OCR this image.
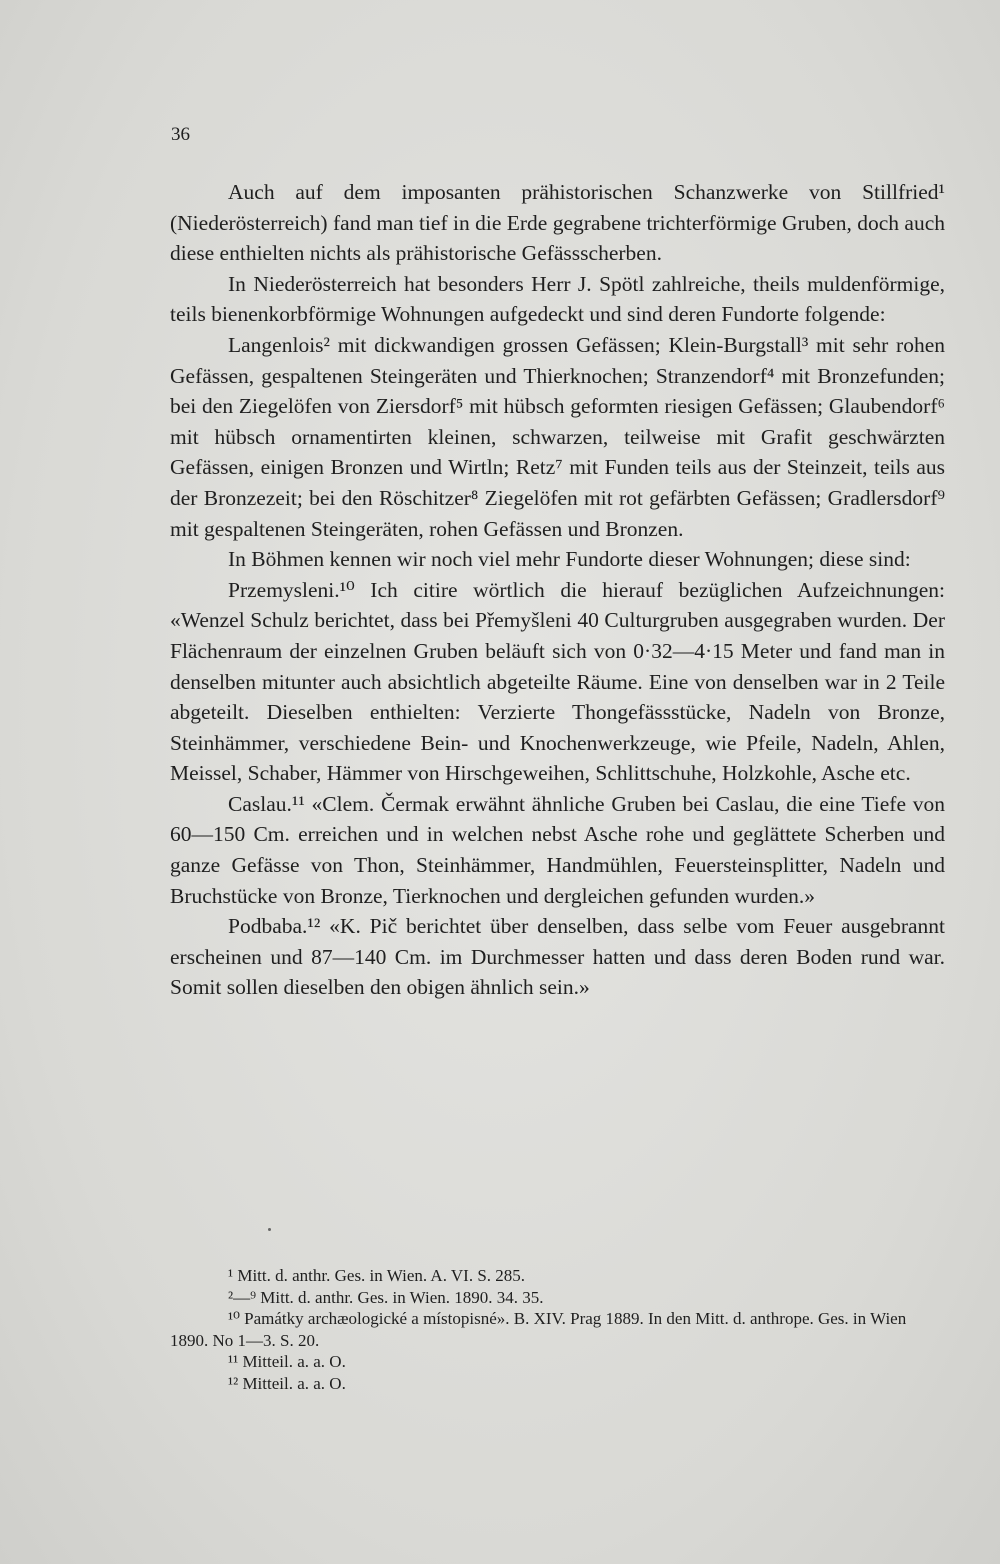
36

Auch auf dem imposanten prähistorischen Schanzwerke von Stillfried¹ (Niederösterreich) fand man tief in die Erde gegrabene trichterförmige Gruben, doch auch diese enthielten nichts als prähistorische Gefässscherben.

In Niederösterreich hat besonders Herr J. Spötl zahlreiche, theils muldenförmige, teils bienenkorbförmige Wohnungen aufgedeckt und sind deren Fundorte folgende:

Langenlois² mit dickwandigen grossen Gefässen; Klein-Burgstall³ mit sehr rohen Gefässen, gespaltenen Steingeräten und Thierknochen; Stranzendorf⁴ mit Bronzefunden; bei den Ziegelöfen von Ziersdorf⁵ mit hübsch geformten riesigen Gefässen; Glaubendorf⁶ mit hübsch ornamentirten kleinen, schwarzen, teilweise mit Grafit geschwärzten Gefässen, einigen Bronzen und Wirtln; Retz⁷ mit Funden teils aus der Steinzeit, teils aus der Bronzezeit; bei den Röschitzer⁸ Ziegelöfen mit rot gefärbten Gefässen; Gradlersdorf⁹ mit gespaltenen Steingeräten, rohen Gefässen und Bronzen.

In Böhmen kennen wir noch viel mehr Fundorte dieser Wohnungen; diese sind:

Przemysleni.¹⁰ Ich citire wörtlich die hierauf bezüglichen Aufzeichnungen: «Wenzel Schulz berichtet, dass bei Přemyšleni 40 Culturgruben ausgegraben wurden. Der Flächenraum der einzelnen Gruben beläuft sich von 0·32—4·15 Meter und fand man in denselben mitunter auch absichtlich abgeteilte Räume. Eine von denselben war in 2 Teile abgeteilt. Dieselben enthielten: Verzierte Thongefässstücke, Nadeln von Bronze, Steinhämmer, verschiedene Bein- und Knochenwerkzeuge, wie Pfeile, Nadeln, Ahlen, Meissel, Schaber, Hämmer von Hirschgeweihen, Schlittschuhe, Holzkohle, Asche etc.

Caslau.¹¹ «Clem. Čermak erwähnt ähnliche Gruben bei Caslau, die eine Tiefe von 60—150 Cm. erreichen und in welchen nebst Asche rohe und geglättete Scherben und ganze Gefässe von Thon, Steinhämmer, Handmühlen, Feuersteinsplitter, Nadeln und Bruchstücke von Bronze, Tierknochen und dergleichen gefunden wurden.»

Podbaba.¹² «K. Pič berichtet über denselben, dass selbe vom Feuer ausgebrannt erscheinen und 87—140 Cm. im Durchmesser hatten und dass deren Boden rund war. Somit sollen dieselben den obigen ähnlich sein.»

¹ Mitt. d. anthr. Ges. in Wien. A. VI. S. 285.
²—⁹ Mitt. d. anthr. Ges. in Wien. 1890. 34. 35.
¹⁰ Památky archæologické a místopisné». B. XIV. Prag 1889. In den Mitt. d. anthrope. Ges. in Wien 1890. No 1—3. S. 20.
¹¹ Mitteil. a. a. O.
¹² Mitteil. a. a. O.
